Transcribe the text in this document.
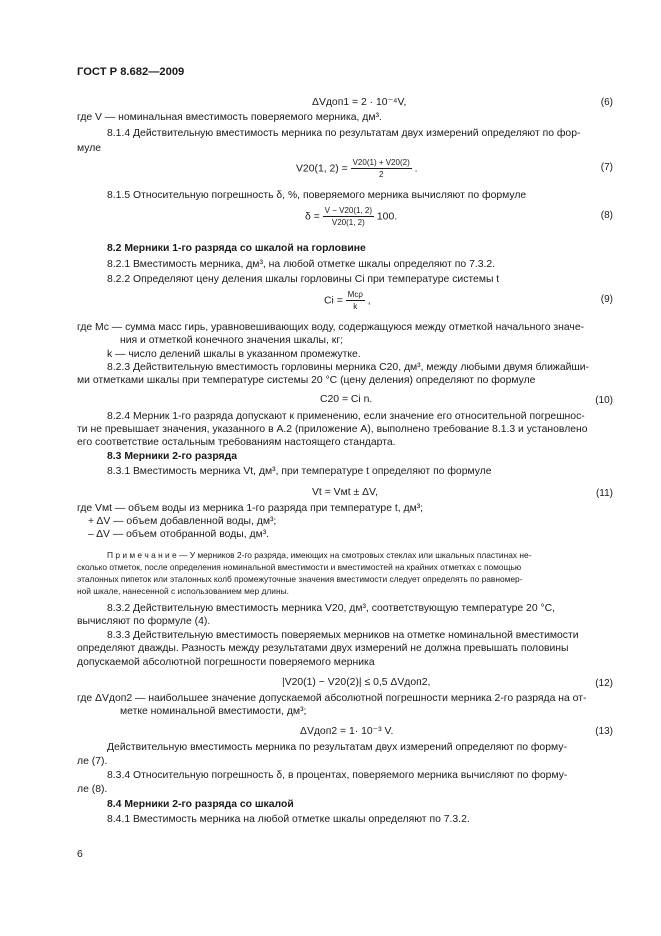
ГОСТ Р 8.682—2009
ΔVдоп1 = 2 · 10⁻⁴V,	(6)
где V — номинальная вместимость поверяемого мерника, дм³.
8.1.4 Действительную вместимость мерника по результатам двух измерений определяют по фор-
муле
V20(1, $2) = \frac{V20(1) + V20(2)}{2}$ .	(7)
8.1.5 Относительную погрешность δ, %, поверяемого мерника вычисляют по формуле
$\delta = \frac{V - V20(1, 2)}{V20(1, 2)} 100$.	(8)
8.2 Мерники 1-го разряда со шкалой на горловине
8.2.1 Вместимость мерника, дм³, на любой отметке шкалы определяют по 7.3.2.
8.2.2 Определяют цену деления шкалы горловины Ci при температуре системы t
$Ci = \frac{\text{Mсρ}}{k}$ ,	(9)
где Mс — сумма масс гирь, уравновешивающих воду, содержащуюся между отметкой начального значе-
ния и отметкой конечного значения шкалы, кг;
k — число делений шкалы в указанном промежутке.
8.2.3 Действительную вместимость горловины мерника C20, дм³, между любыми двумя ближайши-
ми отметками шкалы при температуре системы 20 °С (цену деления) определяют по формуле
C20 = Ci n.	(10)
8.2.4 Мерник 1-го разряда допускают к применению, если значение его относительной погрешнос-
ти не превышает значения, указанного в А.2 (приложение А), выполнено требование 8.1.3 и установлено
его соответствие остальным требованиям настоящего стандарта.
8.3 Мерники 2-го разряда
8.3.1 Вместимость мерника Vt, дм³, при температуре t определяют по формуле
Vt = Vмt ± ΔV,	(11)
где Vмt — объем воды из мерника 1-го разряда при температуре t, дм³;
+ ΔV — объем добавленной воды, дм³;
– ΔV — объем отобранной воды, дм³.
П р и м е ч а н и е — У мерников 2-го разряда, имеющих на смотровых стеклах или шкальных пластинах не-
сколько отметок, после определения номинальной вместимости и вместимостей на крайних отметках с помощью
эталонных пипеток или эталонных колб промежуточные значения вместимости следует определять по равномер-
ной шкале, нанесенной с использованием мер длины.
8.3.2 Действительную вместимость мерника V20, дм³, соответствующую температуре 20 °С,
вычисляют по формуле (4).
8.3.3 Действительную вместимость поверяемых мерников на отметке номинальной вместимости
определяют дважды. Разность между результатами двух измерений не должна превышать половины
допускаемой абсолютной погрешности поверяемого мерника
|V20(1) − V20(2)| ≤ 0,5 ΔVдоп2,	(12)
где ΔVдоп2 — наибольшее значение допускаемой абсолютной погрешности мерника 2-го разряда на от-
метке номинальной вместимости, дм³;
ΔVдоп2 = 1· 10⁻³ V.	(13)
Действительную вместимость мерника по результатам двух измерений определяют по форму-
ле (7).
8.3.4 Относительную погрешность δ, в процентах, поверяемого мерника вычисляют по форму-
ле (8).
8.4 Мерники 2-го разряда со шкалой
8.4.1 Вместимость мерника на любой отметке шкалы определяют по 7.3.2.
6
